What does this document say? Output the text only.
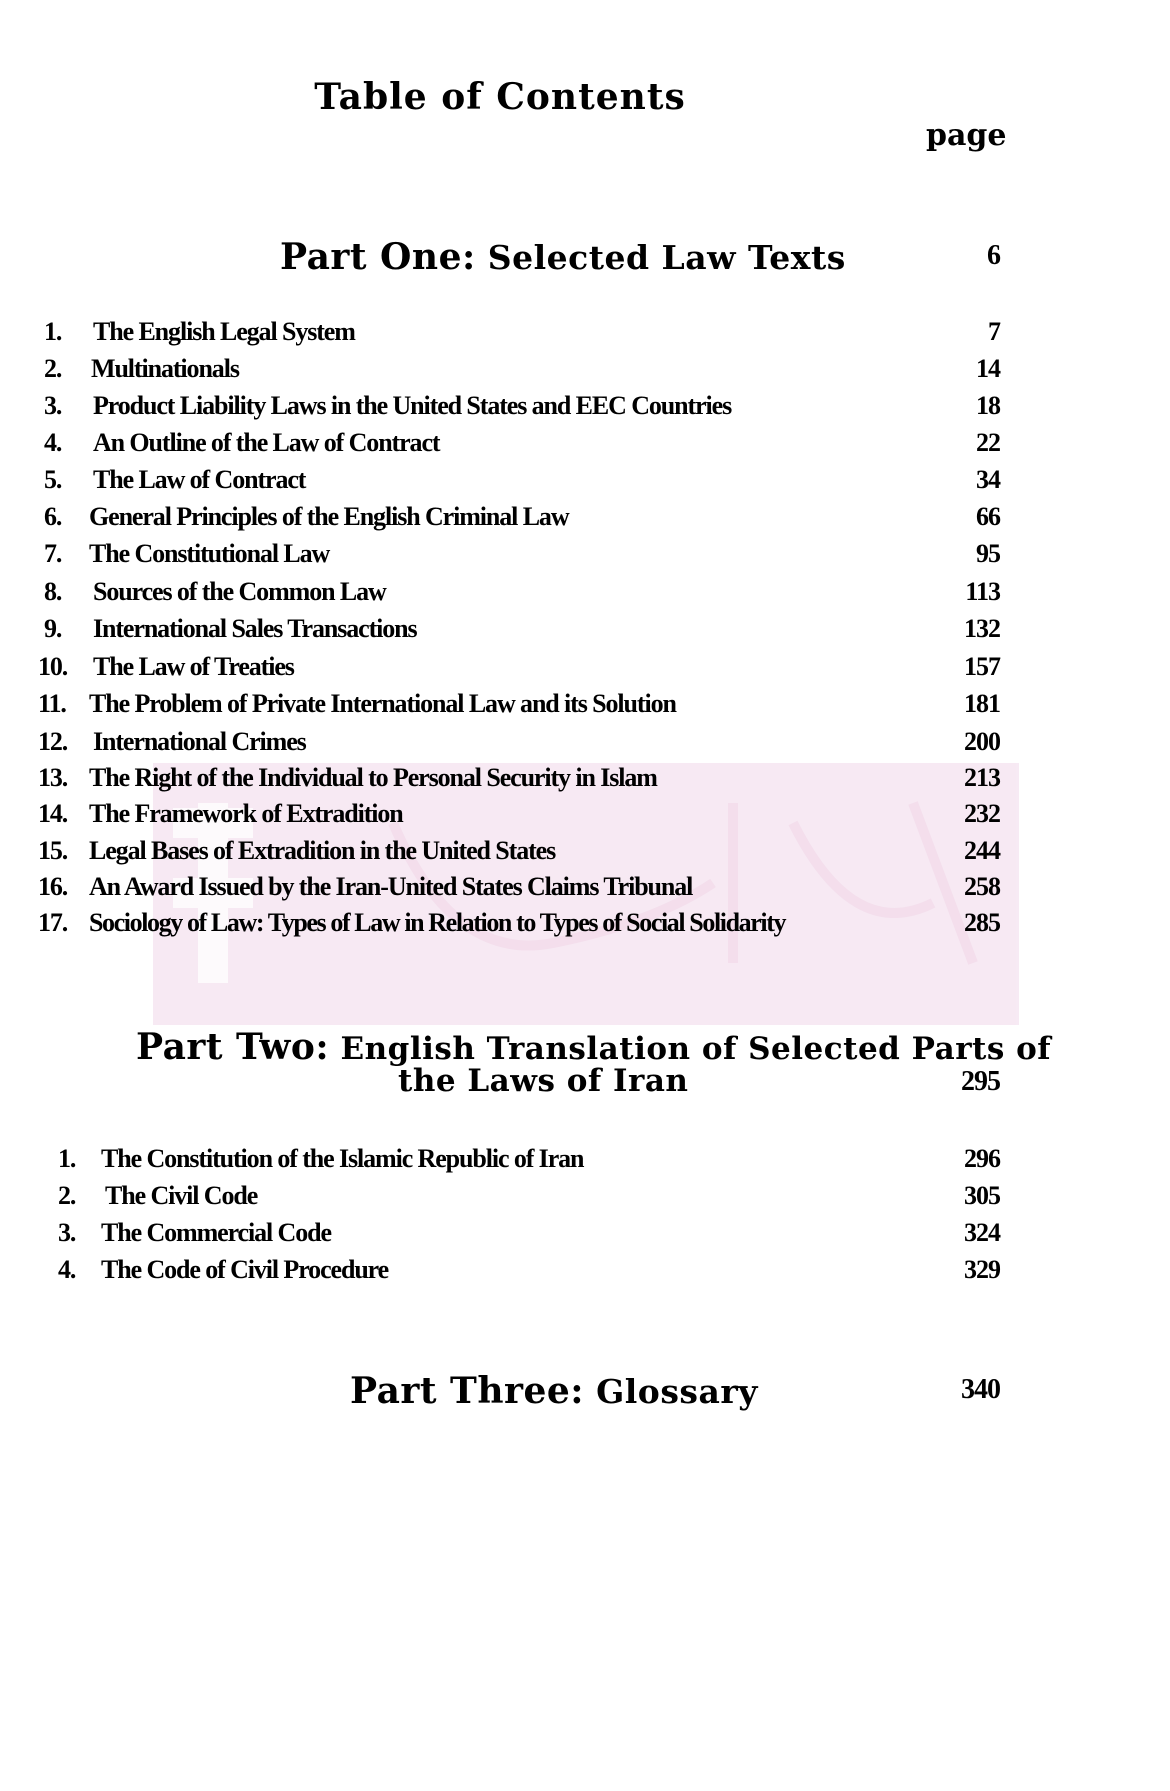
Table of Contents
page
Part One: Selected Law Texts	6
1.	The English Legal System	7
2.	Multinationals	14
3.	Product Liability Laws in the United States and EEC Countries	18
4.	An Outline of the Law of Contract	22
5.	The Law of Contract	34
6.	General Principles of the English Criminal Law	66
7.	The Constitutional Law	95
8.	Sources of the Common Law	113
9.	International Sales Transactions	132
10. The Law of Treaties	157
11. The Problem of Private International Law and its Solution	181
12. International Crimes	200
13. The Right of the Individual to Personal Security in Islam	213
14. The Framework of Extradition	232
15. Legal Bases of Extradition in the United States	244
16. An Award Issued by the Iran-United States Claims Tribunal	258
17. Sociology of Law: Types of Law in Relation to Types of Social Solidarity	285
Part Two: English Translation of Selected Parts of
the Laws of Iran	295
1. The Constitution of the Islamic Republic of Iran	296
2.	The Civil Code	305
3. The Commercial Code	324
4. The Code of Civil Procedure	329
Part Three: Glossary	340
